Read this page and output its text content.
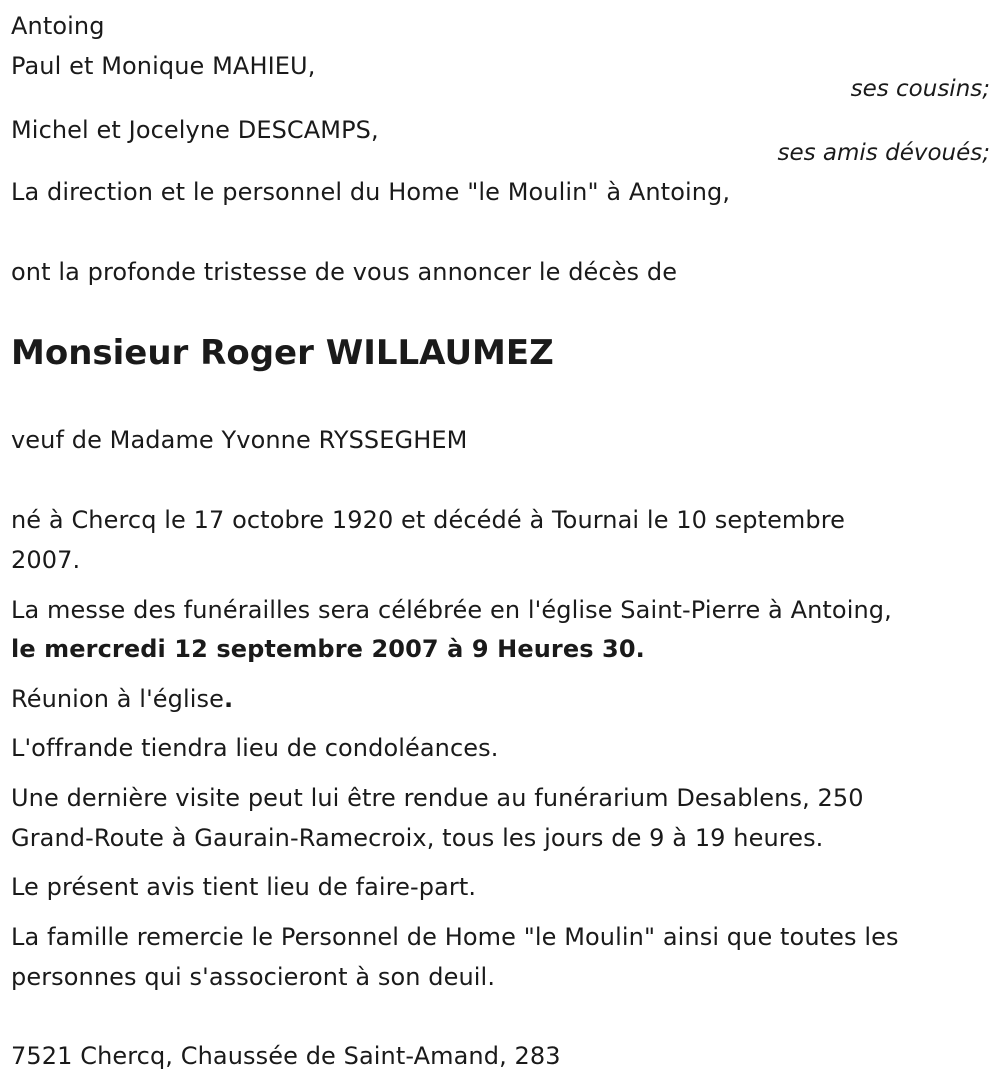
Antoing
Paul et Monique MAHIEU,
ses cousins;
Michel et Jocelyne DESCAMPS,
ses amis dévoués;
La direction et le personnel du Home "le Moulin" à Antoing,
ont la profonde tristesse de vous annoncer le décès de
Monsieur Roger WILLAUMEZ
veuf de Madame Yvonne RYSSEGHEM
né à Chercq le 17 octobre 1920 et décédé à Tournai le 10 septembre
2007.
La messe des funérailles sera célébrée en l'église Saint-Pierre à Antoing,
le mercredi 12 septembre 2007 à 9 Heures 30.
Réunion à l'église.
L'offrande tiendra lieu de condoléances.
Une dernière visite peut lui être rendue au funérarium Desablens, 250
Grand-Route à Gaurain-Ramecroix, tous les jours de 9 à 19 heures.
Le présent avis tient lieu de faire-part.
La famille remercie le Personnel de Home "le Moulin" ainsi que toutes les
personnes qui s'associeront à son deuil.
7521 Chercq, Chaussée de Saint-Amand, 283
